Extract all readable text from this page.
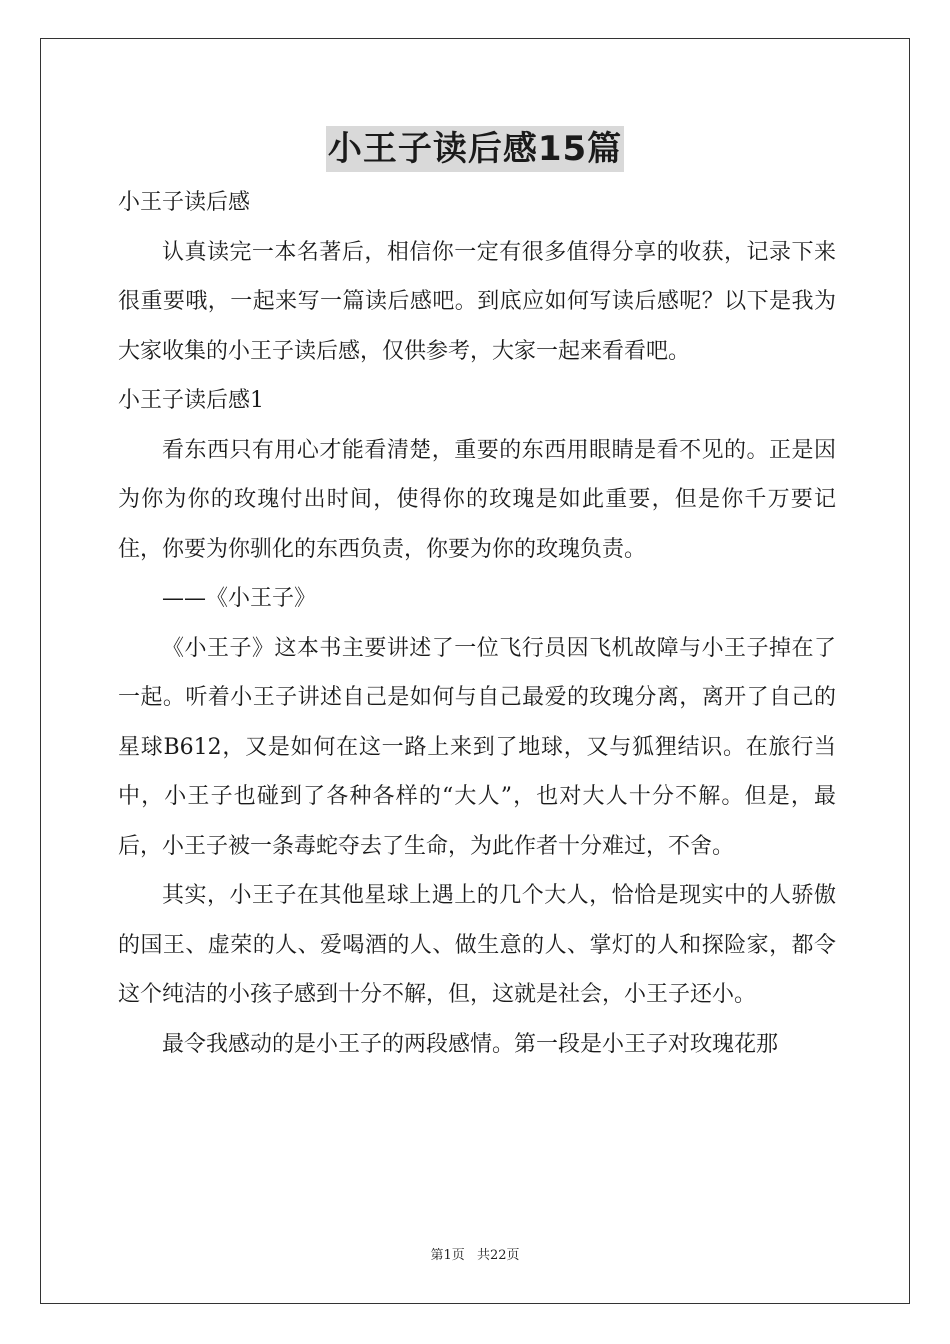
小王子读后感15篇

小王子读后感

认真读完一本名著后，相信你一定有很多值得分享的收获，记录下来很重要哦，一起来写一篇读后感吧。到底应如何写读后感呢？以下是我为大家收集的小王子读后感，仅供参考，大家一起来看看吧。

小王子读后感1

看东西只有用心才能看清楚，重要的东西用眼睛是看不见的。正是因为你为你的玫瑰付出时间，使得你的玫瑰是如此重要，但是你千万要记住，你要为你驯化的东西负责，你要为你的玫瑰负责。

——《小王子》

《小王子》这本书主要讲述了一位飞行员因飞机故障与小王子掉在了一起。听着小王子讲述自己是如何与自己最爱的玫瑰分离，离开了自己的星球B612，又是如何在这一路上来到了地球，又与狐狸结识。在旅行当中，小王子也碰到了各种各样的“大人”，也对大人十分不解。但是，最后，小王子被一条毒蛇夺去了生命，为此作者十分难过，不舍。

其实，小王子在其他星球上遇上的几个大人，恰恰是现实中的人骄傲的国王、虚荣的人、爱喝酒的人、做生意的人、掌灯的人和探险家，都令这个纯洁的小孩子感到十分不解，但，这就是社会，小王子还小。

最令我感动的是小王子的两段感情。第一段是小王子对玫瑰花那

第1页 共22页
